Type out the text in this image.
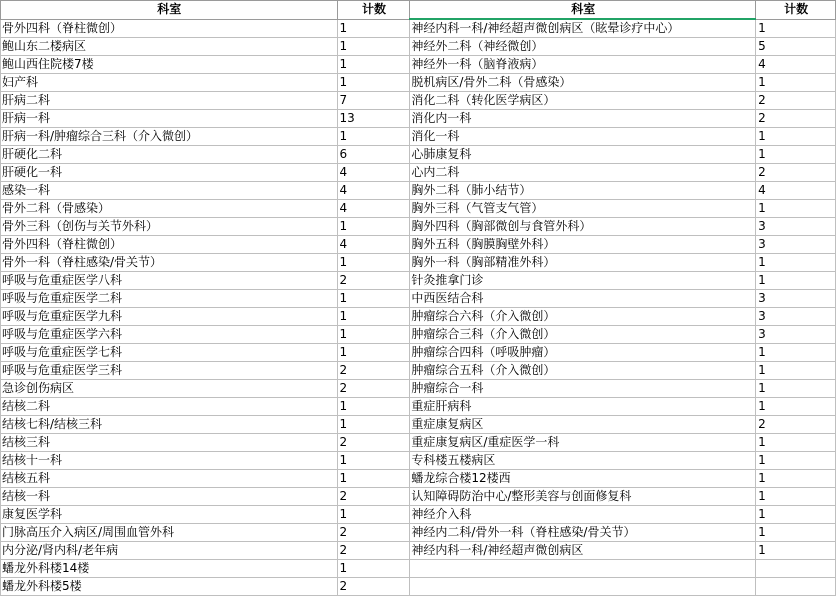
科室	计数	科室	计数
骨外四科（脊柱微创）	1	神经内科一科/神经超声微创病区（眩晕诊疗中心）	1
鲍山东二楼病区	1	神经外二科（神经微创）	5
鲍山西住院楼7楼	1	神经外一科（脑脊液病）	4
妇产科	1	脱机病区/骨外二科（骨感染）	1
肝病二科	7	消化二科（转化医学病区）	2
肝病一科	13	消化内一科	2
肝病一科/肿瘤综合三科（介入微创）	1	消化一科	1
肝硬化二科	6	心肺康复科	1
肝硬化一科	4	心内二科	2
感染一科	4	胸外二科（肺小结节）	4
骨外二科（骨感染）	4	胸外三科（气管支气管）	1
骨外三科（创伤与关节外科）	1	胸外四科（胸部微创与食管外科）	3
骨外四科（脊柱微创）	4	胸外五科（胸膜胸壁外科）	3
骨外一科（脊柱感染/骨关节）	1	胸外一科（胸部精准外科）	1
呼吸与危重症医学八科	2	针灸推拿门诊	1
呼吸与危重症医学二科	1	中西医结合科	3
呼吸与危重症医学九科	1	肿瘤综合六科（介入微创）	3
呼吸与危重症医学六科	1	肿瘤综合三科（介入微创）	3
呼吸与危重症医学七科	1	肿瘤综合四科（呼吸肿瘤）	1
呼吸与危重症医学三科	2	肿瘤综合五科（介入微创）	1
急诊创伤病区	2	肿瘤综合一科	1
结核二科	1	重症肝病科	1
结核七科/结核三科	1	重症康复病区	2
结核三科	2	重症康复病区/重症医学一科	1
结核十一科	1	专科楼五楼病区	1
结核五科	1	蟠龙综合楼12楼西	1
结核一科	2	认知障碍防治中心/整形美容与创面修复科	1
康复医学科	1	神经介入科	1
门脉高压介入病区/周围血管外科	2	神经内二科/骨外一科（脊柱感染/骨关节）	1
内分泌/肾内科/老年病	2	神经内科一科/神经超声微创病区	1
蟠龙外科楼14楼	1		
蟠龙外科楼5楼	2		
